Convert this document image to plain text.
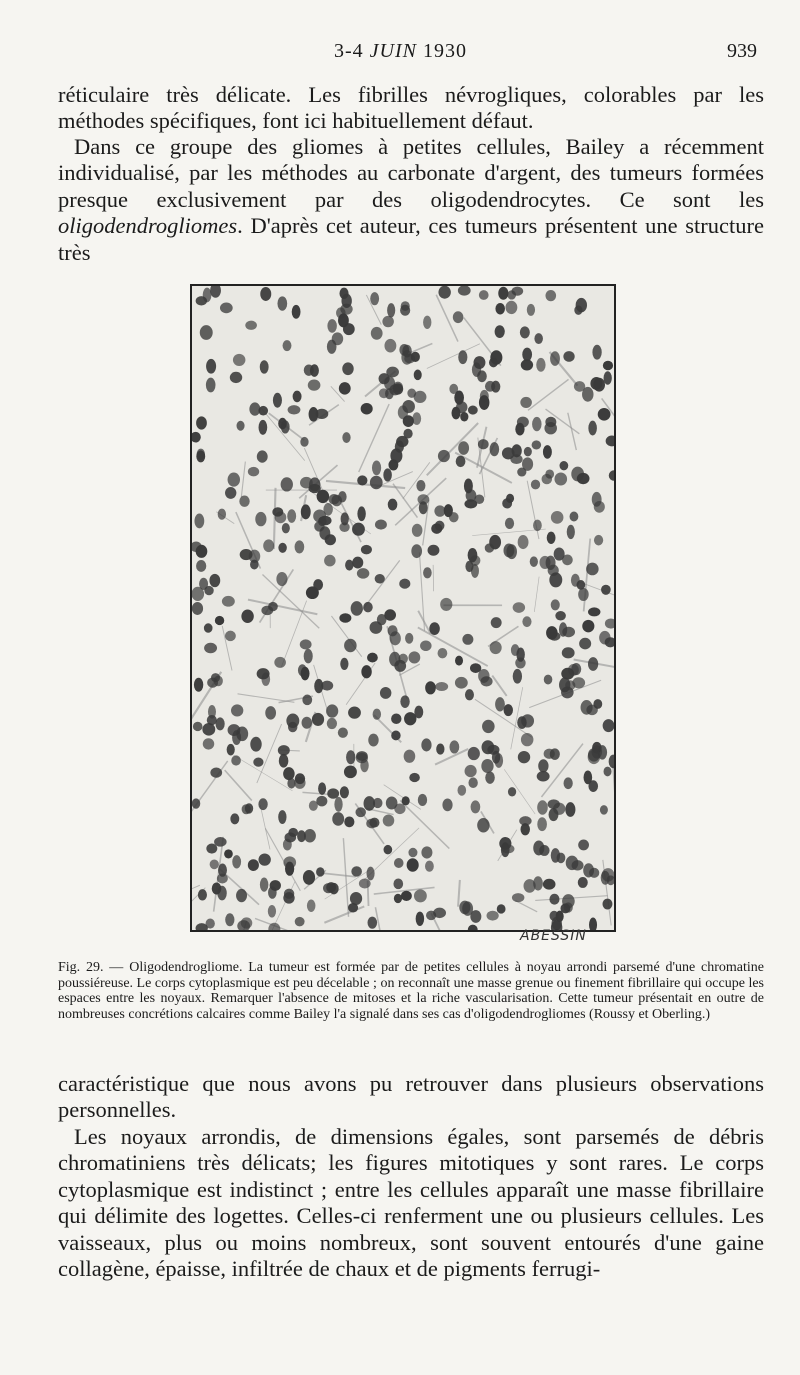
3-4 JUIN 1930	939

réticulaire très délicate. Les fibrilles névrogliques, colorables par les méthodes spécifiques, font ici habituellement défaut.

Dans ce groupe des gliomes à petites cellules, Bailey a récemment individualisé, par les méthodes au carbonate d'argent, des tumeurs formées presque exclusivement par des oligodendrocytes. Ce sont les oligodendrogliomes. D'après cet auteur, ces tumeurs présentent une structure très

ABESSIN

Fig. 29. — Oligodendrogliome. La tumeur est formée par de petites cellules à noyau arrondi parsemé d'une chromatine poussiéreuse. Le corps cytoplasmique est peu décelable ; on reconnaît une masse grenue ou finement fibrillaire qui occupe les espaces entre les noyaux. Remarquer l'absence de mitoses et la riche vascularisation. Cette tumeur présentait en outre de nombreuses concrétions calcaires comme Bailey l'a signalé dans ses cas d'oligodendrogliomes (Roussy et Oberling.)

caractéristique que nous avons pu retrouver dans plusieurs observations personnelles.

Les noyaux arrondis, de dimensions égales, sont parsemés de débris chromatiniens très délicats; les figures mitotiques y sont rares. Le corps cytoplasmique est indistinct ; entre les cellules apparaît une masse fibrillaire qui délimite des logettes. Celles-ci renferment une ou plusieurs cellules. Les vaisseaux, plus ou moins nombreux, sont souvent entourés d'une gaine collagène, épaisse, infiltrée de chaux et de pigments ferrugi-
